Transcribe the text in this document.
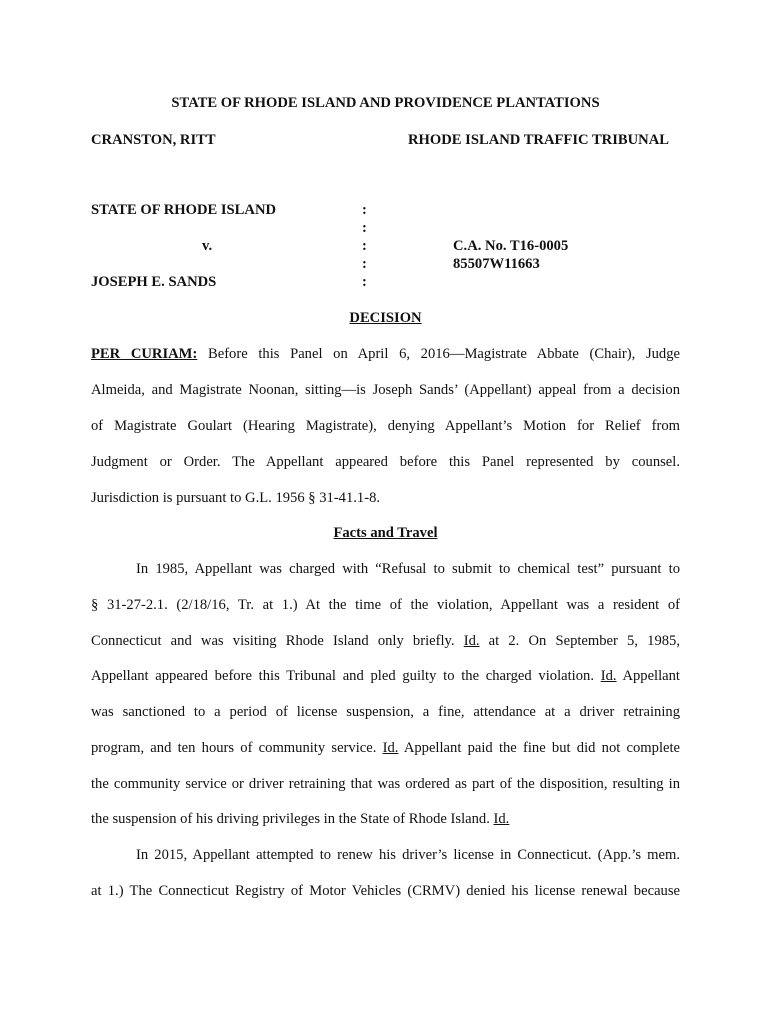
STATE OF RHODE ISLAND AND PROVIDENCE PLANTATIONS
CRANSTON, RITT	RHODE ISLAND TRAFFIC TRIBUNAL
STATE OF RHODE ISLAND
v.
JOSEPH E. SANDS
:
:
:
:
:
C.A. No. T16-0005
85507W11663
DECISION
PER CURIAM: Before this Panel on April 6, 2016—Magistrate Abbate (Chair), Judge
Almeida, and Magistrate Noonan, sitting—is Joseph Sands’ (Appellant) appeal from a decision
of Magistrate Goulart (Hearing Magistrate), denying Appellant’s Motion for Relief from
Judgment or Order. The Appellant appeared before this Panel represented by counsel.
Jurisdiction is pursuant to G.L. 1956 § 31-41.1-8.
Facts and Travel
In 1985, Appellant was charged with “Refusal to submit to chemical test” pursuant to
§ 31-27-2.1. (2/18/16, Tr. at 1.) At the time of the violation, Appellant was a resident of
Connecticut and was visiting Rhode Island only briefly. Id. at 2. On September 5, 1985,
Appellant appeared before this Tribunal and pled guilty to the charged violation. Id. Appellant
was sanctioned to a period of license suspension, a fine, attendance at a driver retraining
program, and ten hours of community service. Id. Appellant paid the fine but did not complete
the community service or driver retraining that was ordered as part of the disposition, resulting in
the suspension of his driving privileges in the State of Rhode Island. Id.
In 2015, Appellant attempted to renew his driver’s license in Connecticut. (App.’s mem.
at 1.) The Connecticut Registry of Motor Vehicles (CRMV) denied his license renewal because
